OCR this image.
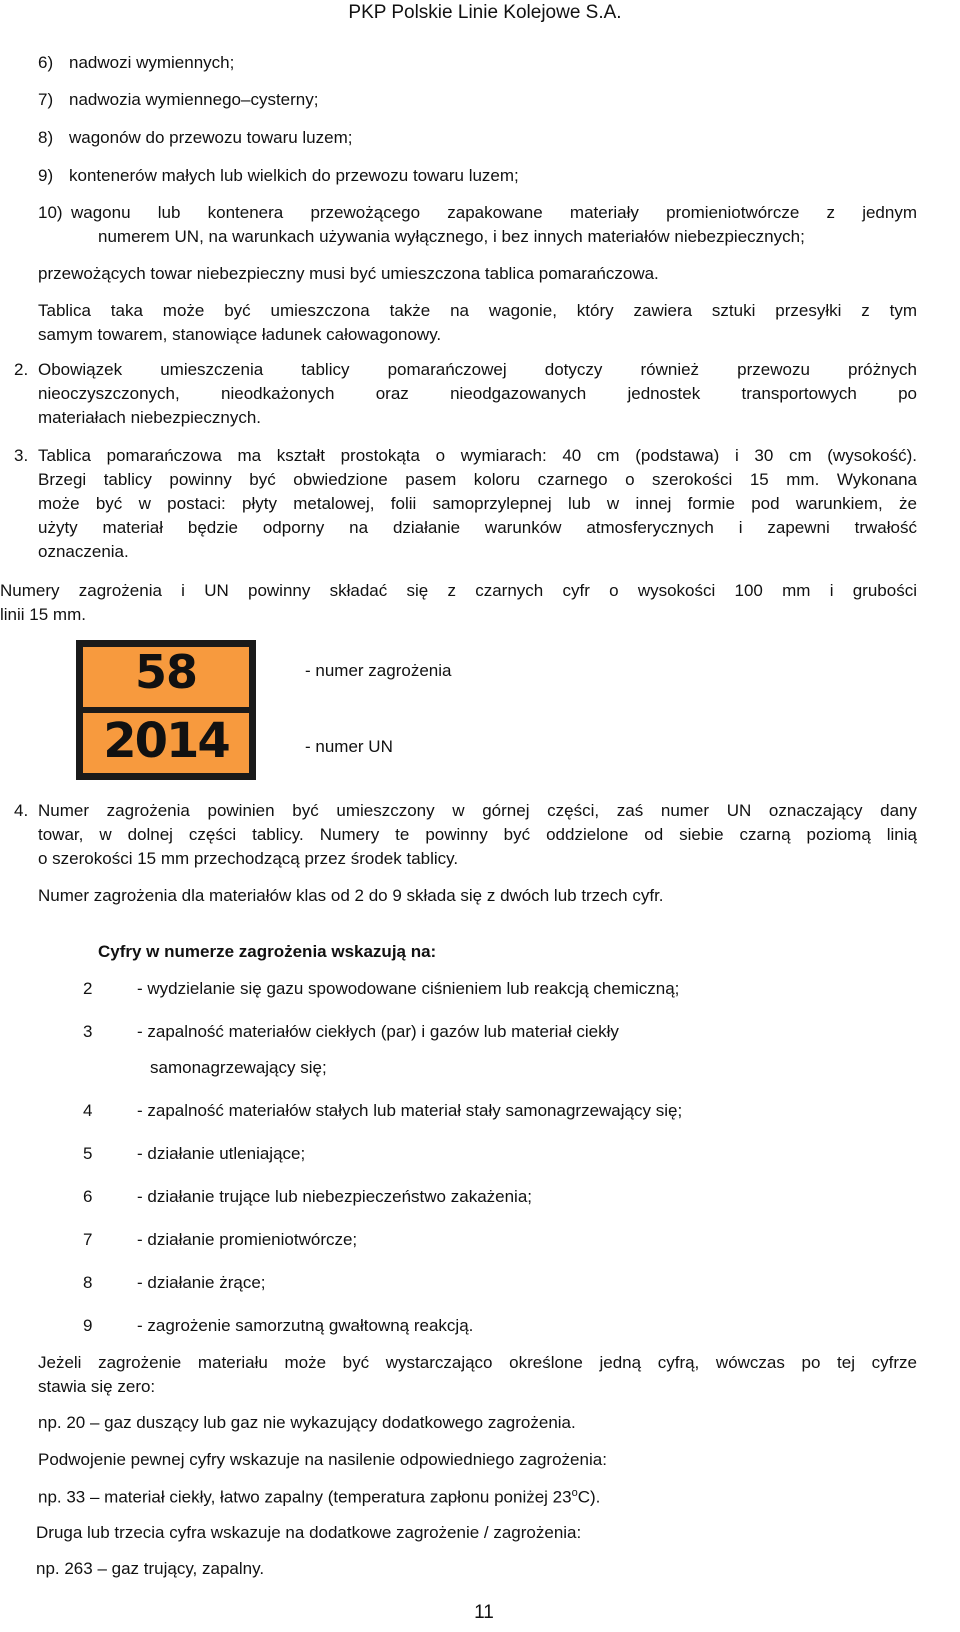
PKP Polskie Linie Kolejowe S.A.
6) nadwozi wymiennych;
7) nadwozia wymiennego–cysterny;
8) wagonów do przewozu towaru luzem;
9) kontenerów małych lub wielkich do przewozu towaru luzem;
10) wagonu lub kontenera przewożącego zapakowane materiały promieniotwórcze z jednym
numerem UN, na warunkach używania wyłącznego, i bez innych materiałów niebezpiecznych;
przewożących towar niebezpieczny musi być umieszczona tablica pomarańczowa.
Tablica taka może być umieszczona także na wagonie, który zawiera sztuki przesyłki z tym
samym towarem, stanowiące ładunek całowagonowy.
2. Obowiązek umieszczenia tablicy pomarańczowej dotyczy również przewozu próżnych
nieoczyszczonych, nieodkażonych oraz nieodgazowanych jednostek transportowych po
materiałach niebezpiecznych.
3. Tablica pomarańczowa ma kształt prostokąta o wymiarach: 40 cm (podstawa) i 30 cm (wysokość).
Brzegi tablicy powinny być obwiedzione pasem koloru czarnego o szerokości 15 mm. Wykonana
może być w postaci: płyty metalowej, folii samoprzylepnej lub w innej formie pod warunkiem, że
użyty materiał będzie odporny na działanie warunków atmosferycznych i zapewni trwałość
oznaczenia.
Numery zagrożenia i UN powinny składać się z czarnych cyfr o wysokości 100 mm i grubości
linii 15 mm.
58
2014
- numer zagrożenia
- numer UN
4. Numer zagrożenia powinien być umieszczony w górnej części, zaś numer UN oznaczający dany
towar, w dolnej części tablicy. Numery te powinny być oddzielone od siebie czarną poziomą linią
o szerokości 15 mm przechodzącą przez środek tablicy.
Numer zagrożenia dla materiałów klas od 2 do 9 składa się z dwóch lub trzech cyfr.
Cyfry w numerze zagrożenia wskazują na:
2	- wydzielanie się gazu spowodowane ciśnieniem lub reakcją chemiczną;
3	- zapalność materiałów ciekłych (par) i gazów lub materiał ciekły
samonagrzewający się;
4	- zapalność materiałów stałych lub materiał stały samonagrzewający się;
5	- działanie utleniające;
6	- działanie trujące lub niebezpieczeństwo zakażenia;
7	- działanie promieniotwórcze;
8	- działanie żrące;
9	- zagrożenie samorzutną gwałtowną reakcją.
Jeżeli zagrożenie materiału może być wystarczająco określone jedną cyfrą, wówczas po tej cyfrze
stawia się zero:
np. 20 – gaz duszący lub gaz nie wykazujący dodatkowego zagrożenia.
Podwojenie pewnej cyfry wskazuje na nasilenie odpowiedniego zagrożenia:
np. 33 – materiał ciekły, łatwo zapalny (temperatura zapłonu poniżej 23$^o$C).
Druga lub trzecia cyfra wskazuje na dodatkowe zagrożenie / zagrożenia:
np. 263 – gaz trujący, zapalny.
11
